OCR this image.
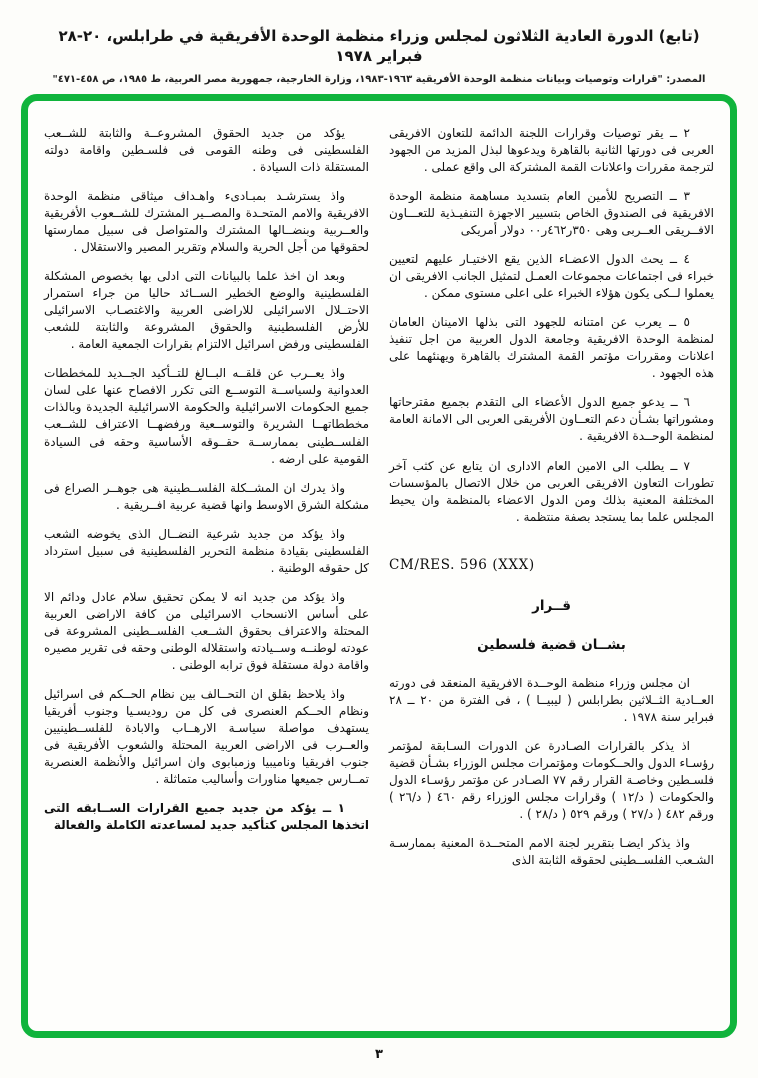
(تابع) الدورة العادية الثلاثون لمجلس وزراء منظمة الوحدة الأفريقية في طرابلس، ٢٠-٢٨ فبراير ١٩٧٨
المصدر: "قرارات وتوصيات وبيانات منظمة الوحدة الأفريقية ١٩٦٣-١٩٨٣، وزارة الخارجية، جمهورية مصر العربية، ط ١٩٨٥، ص ٤٥٨-٤٧١"

٢ ــ يقر توصيات وقرارات اللجنة الدائمة للتعاون الافريقى العربى فى دورتها الثانية بالقاهرة ويدعوها لبذل المزيد من الجهود لترجمة مقررات واعلانات القمة المشتركة الى واقع عملى .

٣ ــ التصريح للأمين العام بتسديد مساهمة منظمة الوحدة الافريقية فى الصندوق الخاص بتسيير الاجهزة التنفيـذية للتعـــاون الافــريقى العــربى وهى ٣٥٠ر٤٦٢ر٠٠ دولار أمريكى

٤ ــ يحث الدول الاعضـاء الذين يقع الاختيـار عليهم لتعيين خبراء فى اجتماعات مجموعات العمـل لتمثيل الجانب الافريقى ان يعملوا لــكى يكون هؤلاء الخبراء على اعلى مستوى ممكن .

٥ ــ يعرب عن امتنانه للجهود التى بذلها الامينان العامان لمنظمة الوحدة الافريقية وجامعة الدول العربية من اجل تنفيذ اعلانات ومقررات مؤتمر القمة المشترك بالقاهرة ويهنئهما على هذه الجهود .

٦ ــ يدعو جميع الدول الأعضاء الى التقدم بجميع مقترحاتها ومشوراتها بشـأن دعم التعــاون الأفريقى العربى الى الامانة العامة لمنظمة الوحــدة الافريقية .

٧ ــ يطلب الى الامين العام الادارى ان يتابع عن كثب آخر تطورات التعاون الافريقى العربى من خلال الاتصال بالمؤسسات المختلفة المعنية بذلك ومن الدول الاعضاء بالمنظمة وان يحيط المجلس علما بما يستجد بصفة منتظمة .

CM/RES. 596 (XXX)

قــرار

بشــان قضية فلسطين

ان مجلس وزراء منظمة الوحــدة الافريقية المنعقد فى دورته العــادية الثــلاثين بطرابلس ( ليبيــا ) ، فى الفترة من ٢٠ ــ ٢٨ فبراير سنة ١٩٧٨ .

اذ يذكر بالقرارات الصـادرة عن الدورات السـابقة لمؤتمر رؤسـاء الدول والحــكومات ومؤتمرات مجلس الوزراء بشـأن قضية فلسـطين وخاصـة القرار رقم ٧٧ الصـادر عن مؤتمر رؤسـاء الدول والحكومات ( د/١٢ ) وقرارات مجلس الوزراء رقم ٤٦٠ ( د/٢٦ ) ورقم ٤٨٢ ( د/٢٧ ) ورقم ٥٢٩ ( د/٢٨ ) .

واذ يذكر ايضـا بتقرير لجنة الامم المتحــدة المعنية بممارسـة الشـعب الفلســطينى لحقوقه الثابتة الذى

يؤكد من جديد الحقوق المشروعــة والثابتة للشــعب الفلسطينى فى وطنه القومى فى فلسـطين واقامة دولته المستقلة ذات السيادة .

واذ يسترشـد بمبـادىء واهـداف ميثاقى منظمة الوحدة الافريقية والامم المتحـدة والمصــير المشترك للشــعوب الأفريقية والعــربية وبنضــالها المشترك والمتواصل فى سبيل ممارستها لحقوقها من أجل الحرية والسلام وتقرير المصير والاستقلال .

وبعد ان اخذ علما بالبيانات التى ادلى بها بخصوص المشكلة الفلسطينية والوضع الخطير الســائد حاليا من جراء استمرار الاحتــلال الاسرائيلى للاراضى العربية والاغتصـاب الاسرائيلى للأرض الفلسطينية والحقوق المشروعة والثابتة للشعب الفلسطينى ورفض اسرائيل الالتزام بقرارات الجمعية العامة .

واذ يعــرب عن قلقــه البــالغ للتــأكيد الجــديد للمخططات العدوانية ولسياســة التوســع التى تكرر الافصاح عنها على لسان جميع الحكومات الاسرائيلية والحكومة الاسرائيلية الجديدة وبالذات مخططاتهــا الشريرة والتوســعية ورفضهــا الاعتراف للشــعب الفلســطينى بممارســة حقــوقه الأساسية وحقه فى السيادة القومية على ارضه .

واذ يدرك ان المشــكلة الفلســطينية هى جوهــر الصراع فى مشكلة الشرق الاوسط وانها قضية عربية افــريقية .

واذ يؤكد من جديد شرعية النضــال الذى يخوضه الشعب الفلسطينى بقيادة منظمة التحرير الفلسطينية فى سبيل استرداد كل حقوقه الوطنية .

واذ يؤكد من جديد انه لا يمكن تحقيق سلام عادل ودائم الا على أساس الانسحاب الاسرائيلى من كافة الاراضى العربية المحتلة والاعتراف بحقوق الشــعب الفلســطينى المشروعة فى عودته لوطنــه وســيادته واستقلاله الوطنى وحقه فى تقرير مصيره واقامة دولة مستقلة فوق ترابه الوطنى .

واذ يلاحظ بقلق ان التحــالف بين نظام الحــكم فى اسرائيل ونظام الحــكم العنصرى فى كل من روديسـيا وجنوب أفريقيا يستهدف مواصلة سياسـة الارهــاب والابادة للفلســطينيين والعــرب فى الاراضى العربية المحتلة والشعوب الأفريقية فى جنوب افريقيا وناميبيا وزمبابوى وان اسرائيل والأنظمة العنصرية تمــارس جميعها مناورات وأساليب متماثلة .

١ ــ يؤكد من جديد جميع القرارات الســابقه التى اتخذها المجلس كتأكيد جديد لمساعدته الكاملة والفعالة

٣
